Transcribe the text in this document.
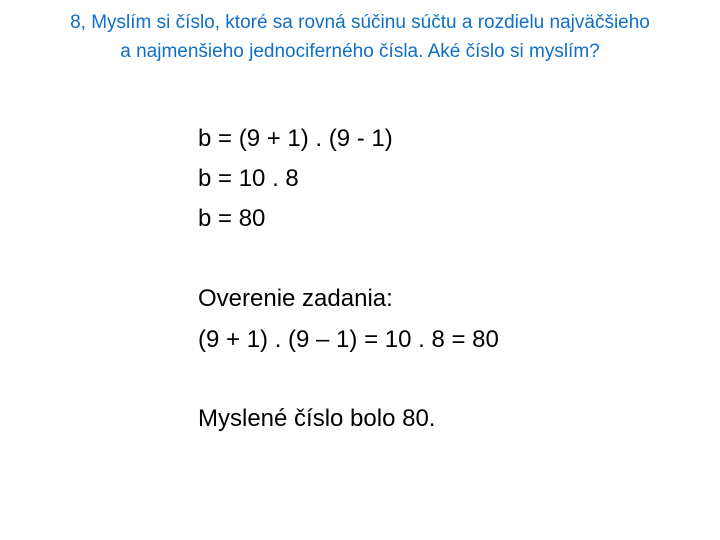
8, Myslím si číslo, ktoré sa rovná súčinu súčtu a rozdielu najväčšieho
a najmenšieho jednociferného čísla. Aké číslo si myslím?

b = (9 + 1) . (9 - 1)

b = 10 . 8

b = 80

Overenie zadania:

(9 + 1) . (9 – 1) = 10 . 8 = 80

Myslené číslo bolo 80.
